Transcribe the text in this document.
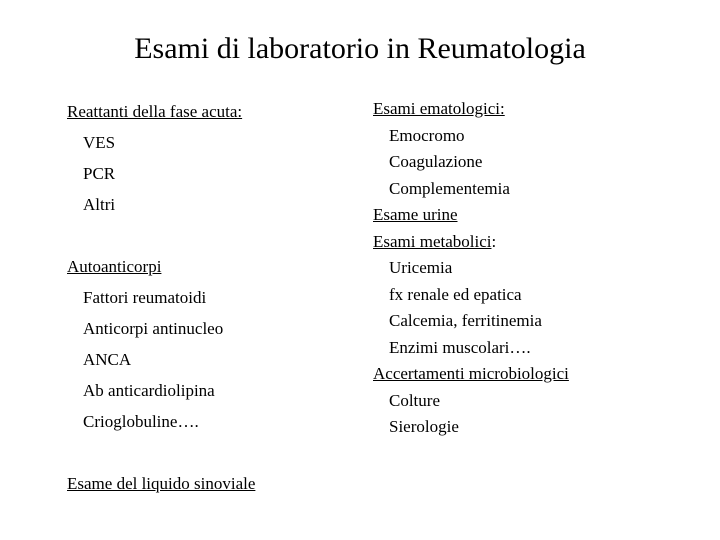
Esami di laboratorio in Reumatologia
Reattanti della fase acuta:
VES
PCR
Altri
Autoanticorpi
Fattori reumatoidi
Anticorpi antinucleo
ANCA
Ab anticardiolipina
Crioglobuline….
Esame del liquido sinoviale
Esami ematologici:
Emocromo
Coagulazione
Complementemia
Esame urine
Esami metabolici :
Uricemia
fx renale ed epatica
Calcemia, ferritinemia
Enzimi muscolari….
Accertamenti microbiologici
Colture
Sierologie
